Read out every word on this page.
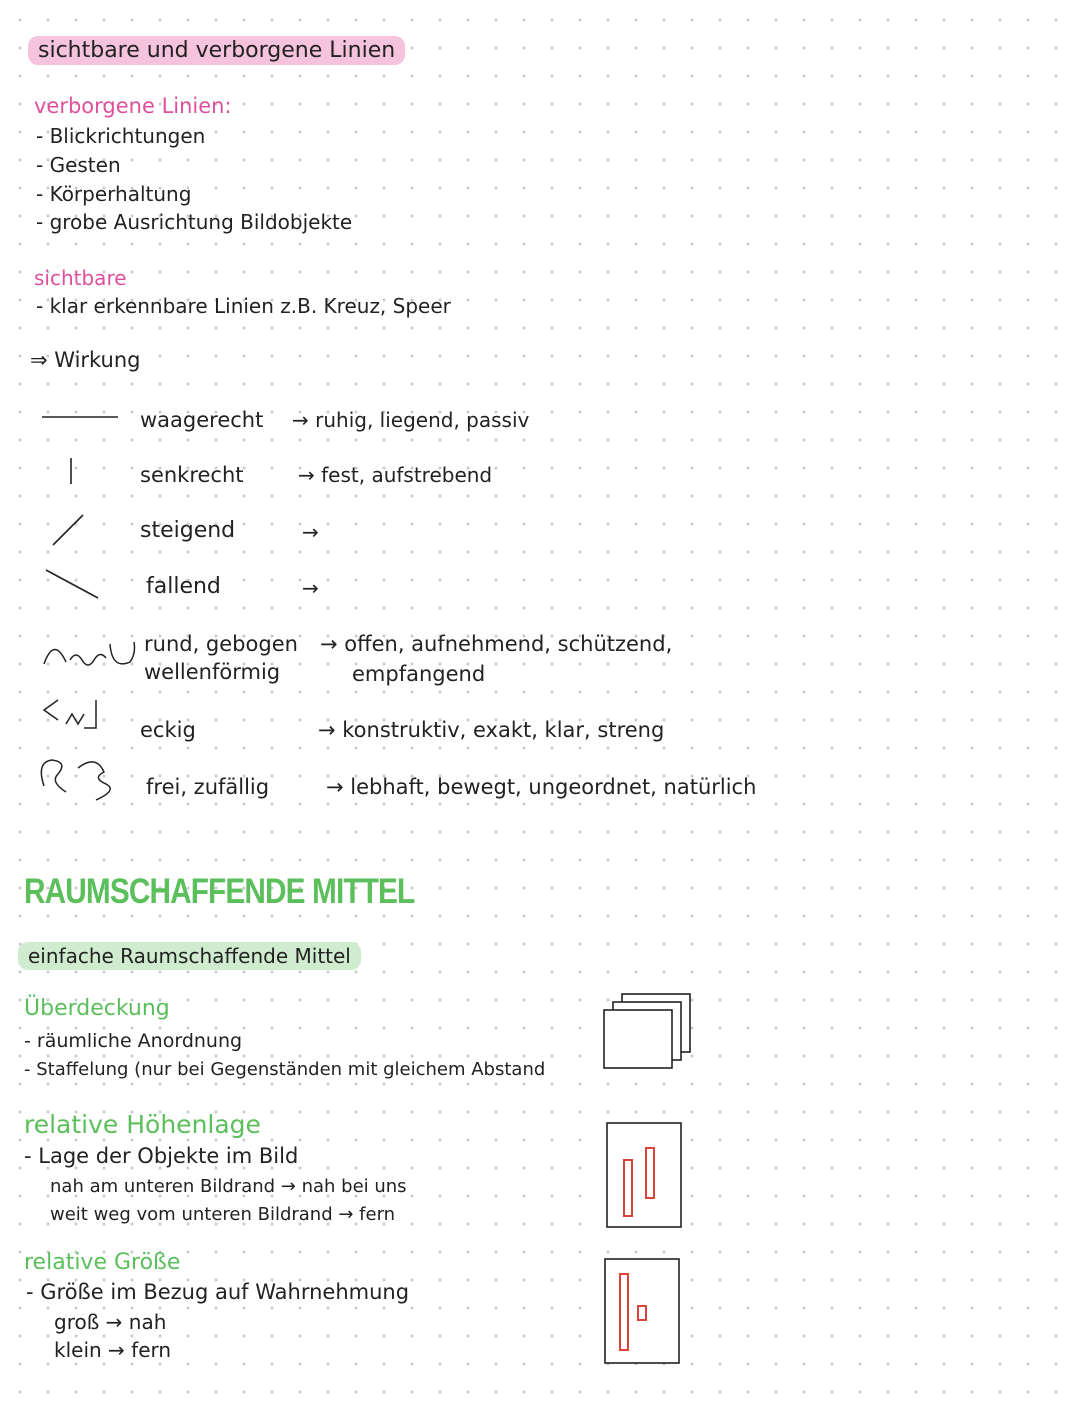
sichtbare und verborgene Linien
verborgene Linien:
- Blickrichtungen
- Gesten
- Körperhaltung
- grobe Ausrichtung Bildobjekte
sichtbare
- klar erkennbare Linien z.B. Kreuz, Speer
⇒ Wirkung
waagerecht → ruhig, liegend, passiv
senkrecht	→ fest, aufstrebend
steigend	→
fallend	→
rund, gebogen
wellenförmig
→ offen, aufnehmend, schützend,
empfangend
eckig	→ konstruktiv, exakt, klar, streng
frei, zufällig	→ lebhaft, bewegt, ungeordnet, natürlich
RAUMSCHAFFENDE MITTEL
einfache Raumschaffende Mittel
Überdeckung
- räumliche Anordnung
- Staffelung (nur bei Gegenständen mit gleichem Abstand
relative Höhenlage
- Lage der Objekte im Bild
nah am unteren Bildrand → nah bei uns
weit weg vom unteren Bildrand → fern
relative Größe
- Größe im Bezug auf Wahrnehmung
groß → nah
klein → fern
